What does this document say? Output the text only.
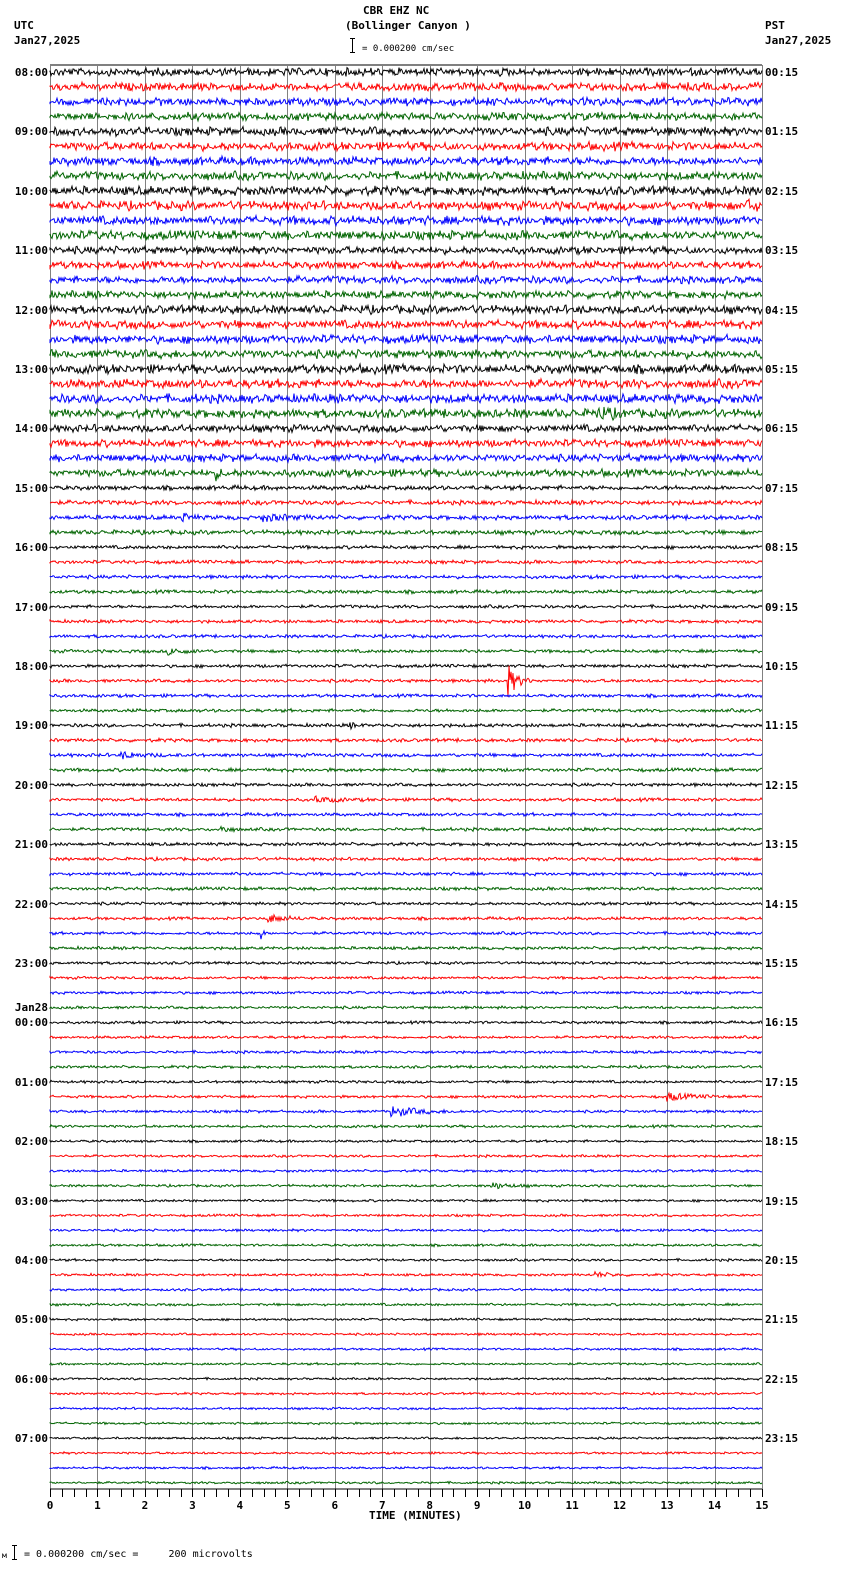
CBR EHZ NC
(Bollinger Canyon )
UTC
Jan27,2025
PST
Jan27,2025
= 0.000200 cm/sec
0	1	2	3	4	5	6	7	8	9	10	11	12	13	14	15
08:00
09:00
10:00
11:00
12:00
13:00
14:00
15:00
16:00
17:00
18:00
19:00
20:00
21:00
22:00
23:00
Jan28
00:00
01:00
02:00
03:00
04:00
05:00
06:00
07:00
00:15
01:15
02:15
03:15
04:15
05:15
06:15
07:15
08:15
09:15
10:15
11:15
12:15
13:15
14:15
15:15
16:15
17:15
18:15
19:15
20:15
21:15
22:15
23:15
TIME (MINUTES)
м = 0.000200 cm/sec =     200 microvolts
